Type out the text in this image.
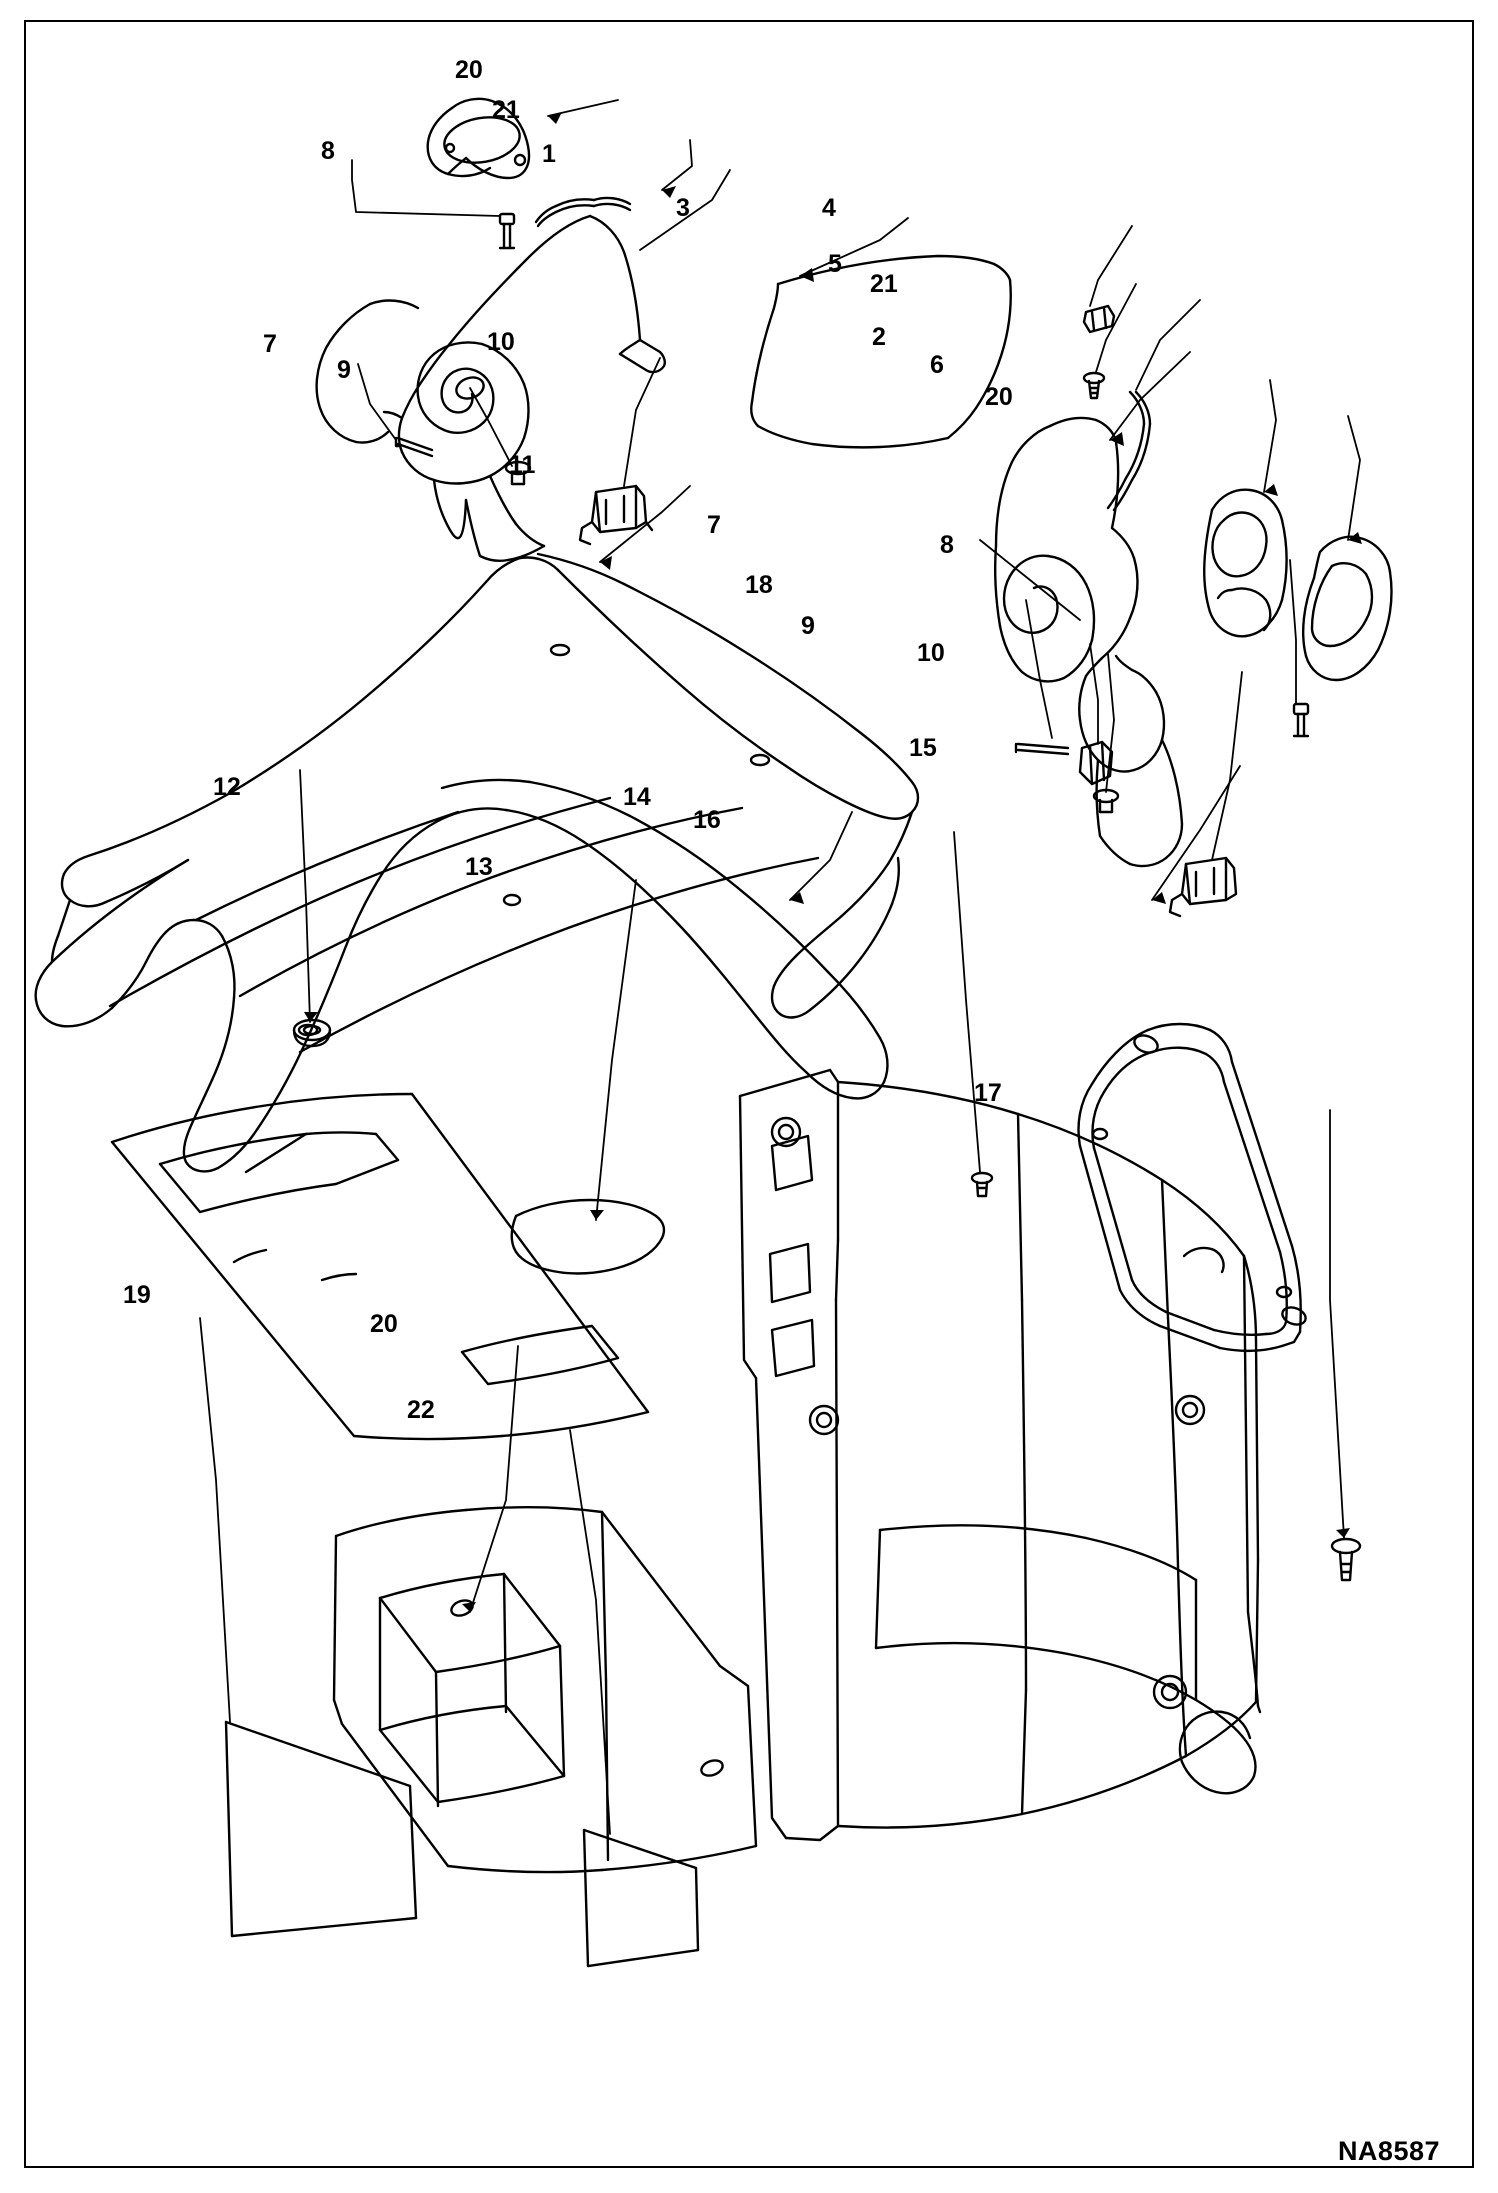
20
21
8	1
3	4
5
21
2
7
9
10
6
20
11
7
8
18
9
10
12
15
14
16
13
17
19
20
22
NA8587
